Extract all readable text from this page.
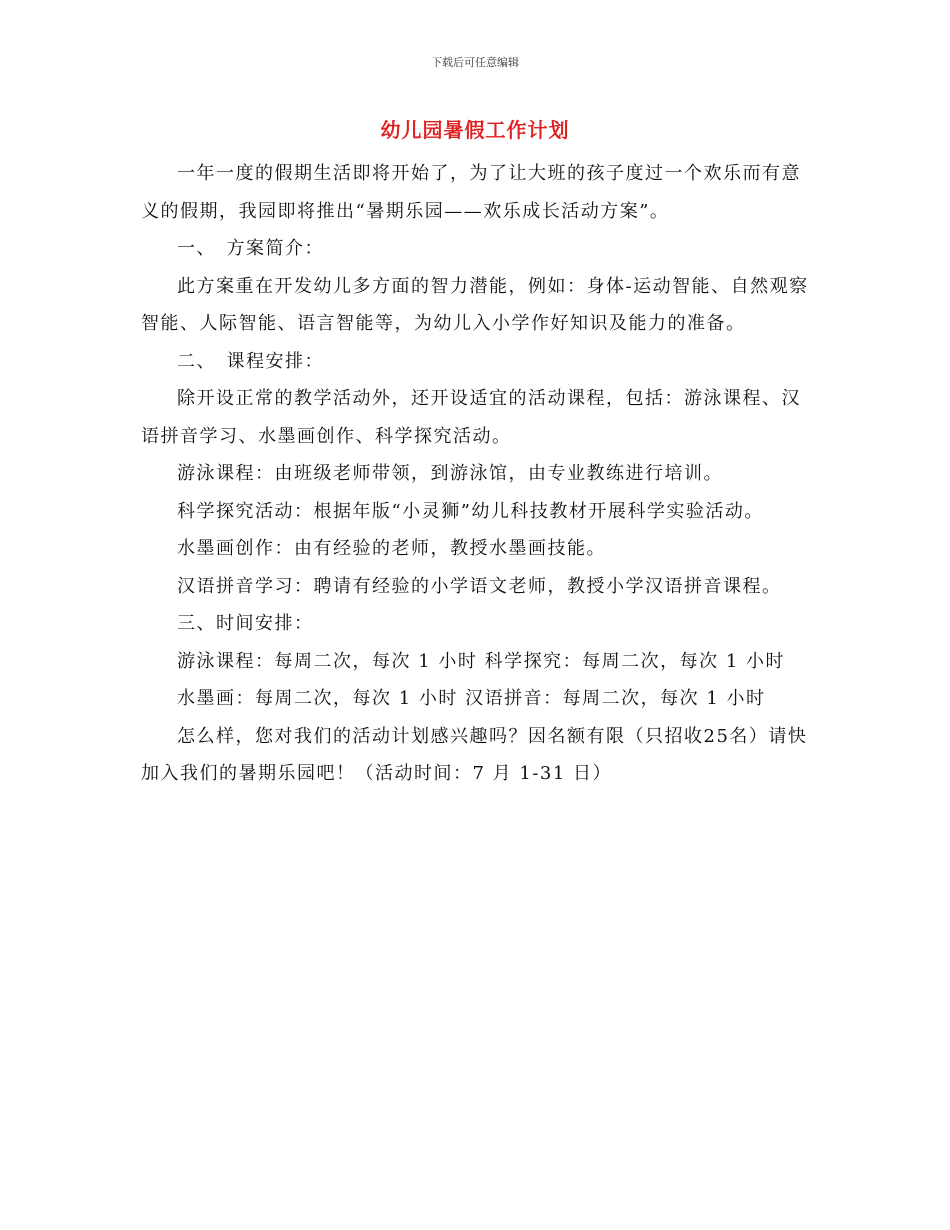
下载后可任意编辑
幼儿园暑假工作计划

一年一度的假期生活即将开始了，为了让大班的孩子度过一个欢乐而有意义的假期，我园即将推出“暑期乐园——欢乐成长活动方案”。

一、　方案简介：

此方案重在开发幼儿多方面的智力潜能，例如：身体-运动智能、自然观察智能、人际智能、语言智能等，为幼儿入小学作好知识及能力的准备。

二、　课程安排：

除开设正常的教学活动外，还开设适宜的活动课程，包括：游泳课程、汉语拼音学习、水墨画创作、科学探究活动。

游泳课程：由班级老师带领，到游泳馆，由专业教练进行培训。

科学探究活动：根据年版“小灵狮”幼儿科技教材开展科学实验活动。

水墨画创作：由有经验的老师，教授水墨画技能。

汉语拼音学习：聘请有经验的小学语文老师，教授小学汉语拼音课程。

三、时间安排：

游泳课程：每周二次，每次 1 小时 科学探究：每周二次，每次 1 小时

水墨画：每周二次，每次 1 小时 汉语拼音：每周二次，每次 1 小时

怎么样，您对我们的活动计划感兴趣吗？因名额有限（只招收25名）请快加入我们的暑期乐园吧！（活动时间：7 月 1-31 日）
